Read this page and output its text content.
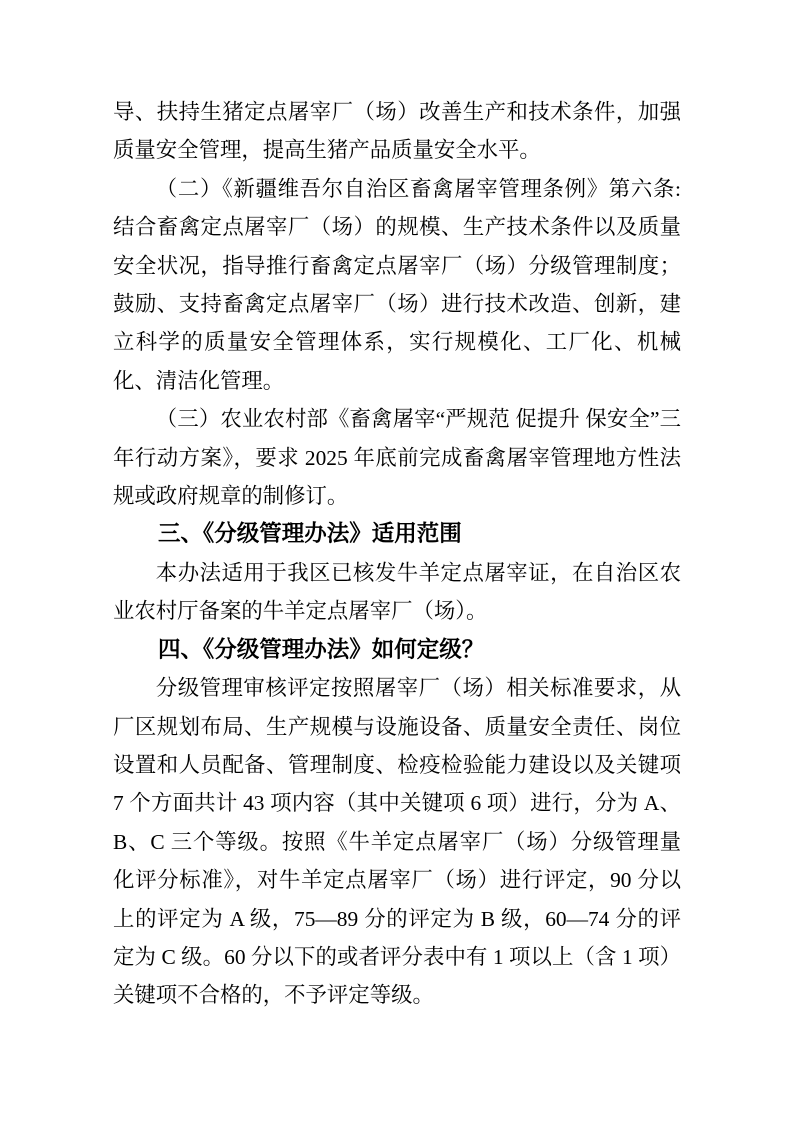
导、扶持生猪定点屠宰厂（场）改善生产和技术条件，加强质量安全管理，提高生猪产品质量安全水平。

（二）《新疆维吾尔自治区畜禽屠宰管理条例》第六条:结合畜禽定点屠宰厂（场）的规模、生产技术条件以及质量安全状况，指导推行畜禽定点屠宰厂（场）分级管理制度；鼓励、支持畜禽定点屠宰厂（场）进行技术改造、创新，建立科学的质量安全管理体系，实行规模化、工厂化、机械化、清洁化管理。

（三）农业农村部《畜禽屠宰“严规范 促提升 保安全”三年行动方案》，要求 2025 年底前完成畜禽屠宰管理地方性法规或政府规章的制修订。

三、《分级管理办法》适用范围

本办法适用于我区已核发牛羊定点屠宰证，在自治区农业农村厅备案的牛羊定点屠宰厂（场）。

四、《分级管理办法》如何定级？

分级管理审核评定按照屠宰厂（场）相关标准要求，从厂区规划布局、生产规模与设施设备、质量安全责任、岗位设置和人员配备、管理制度、检疫检验能力建设以及关键项 7 个方面共计 43 项内容（其中关键项 6 项）进行，分为 A、B、C 三个等级。按照《牛羊定点屠宰厂（场）分级管理量化评分标准》，对牛羊定点屠宰厂（场）进行评定，90 分以上的评定为 A 级，75—89 分的评定为 B 级，60—74 分的评定为 C 级。60 分以下的或者评分表中有 1 项以上（含 1 项）关键项不合格的，不予评定等级。
